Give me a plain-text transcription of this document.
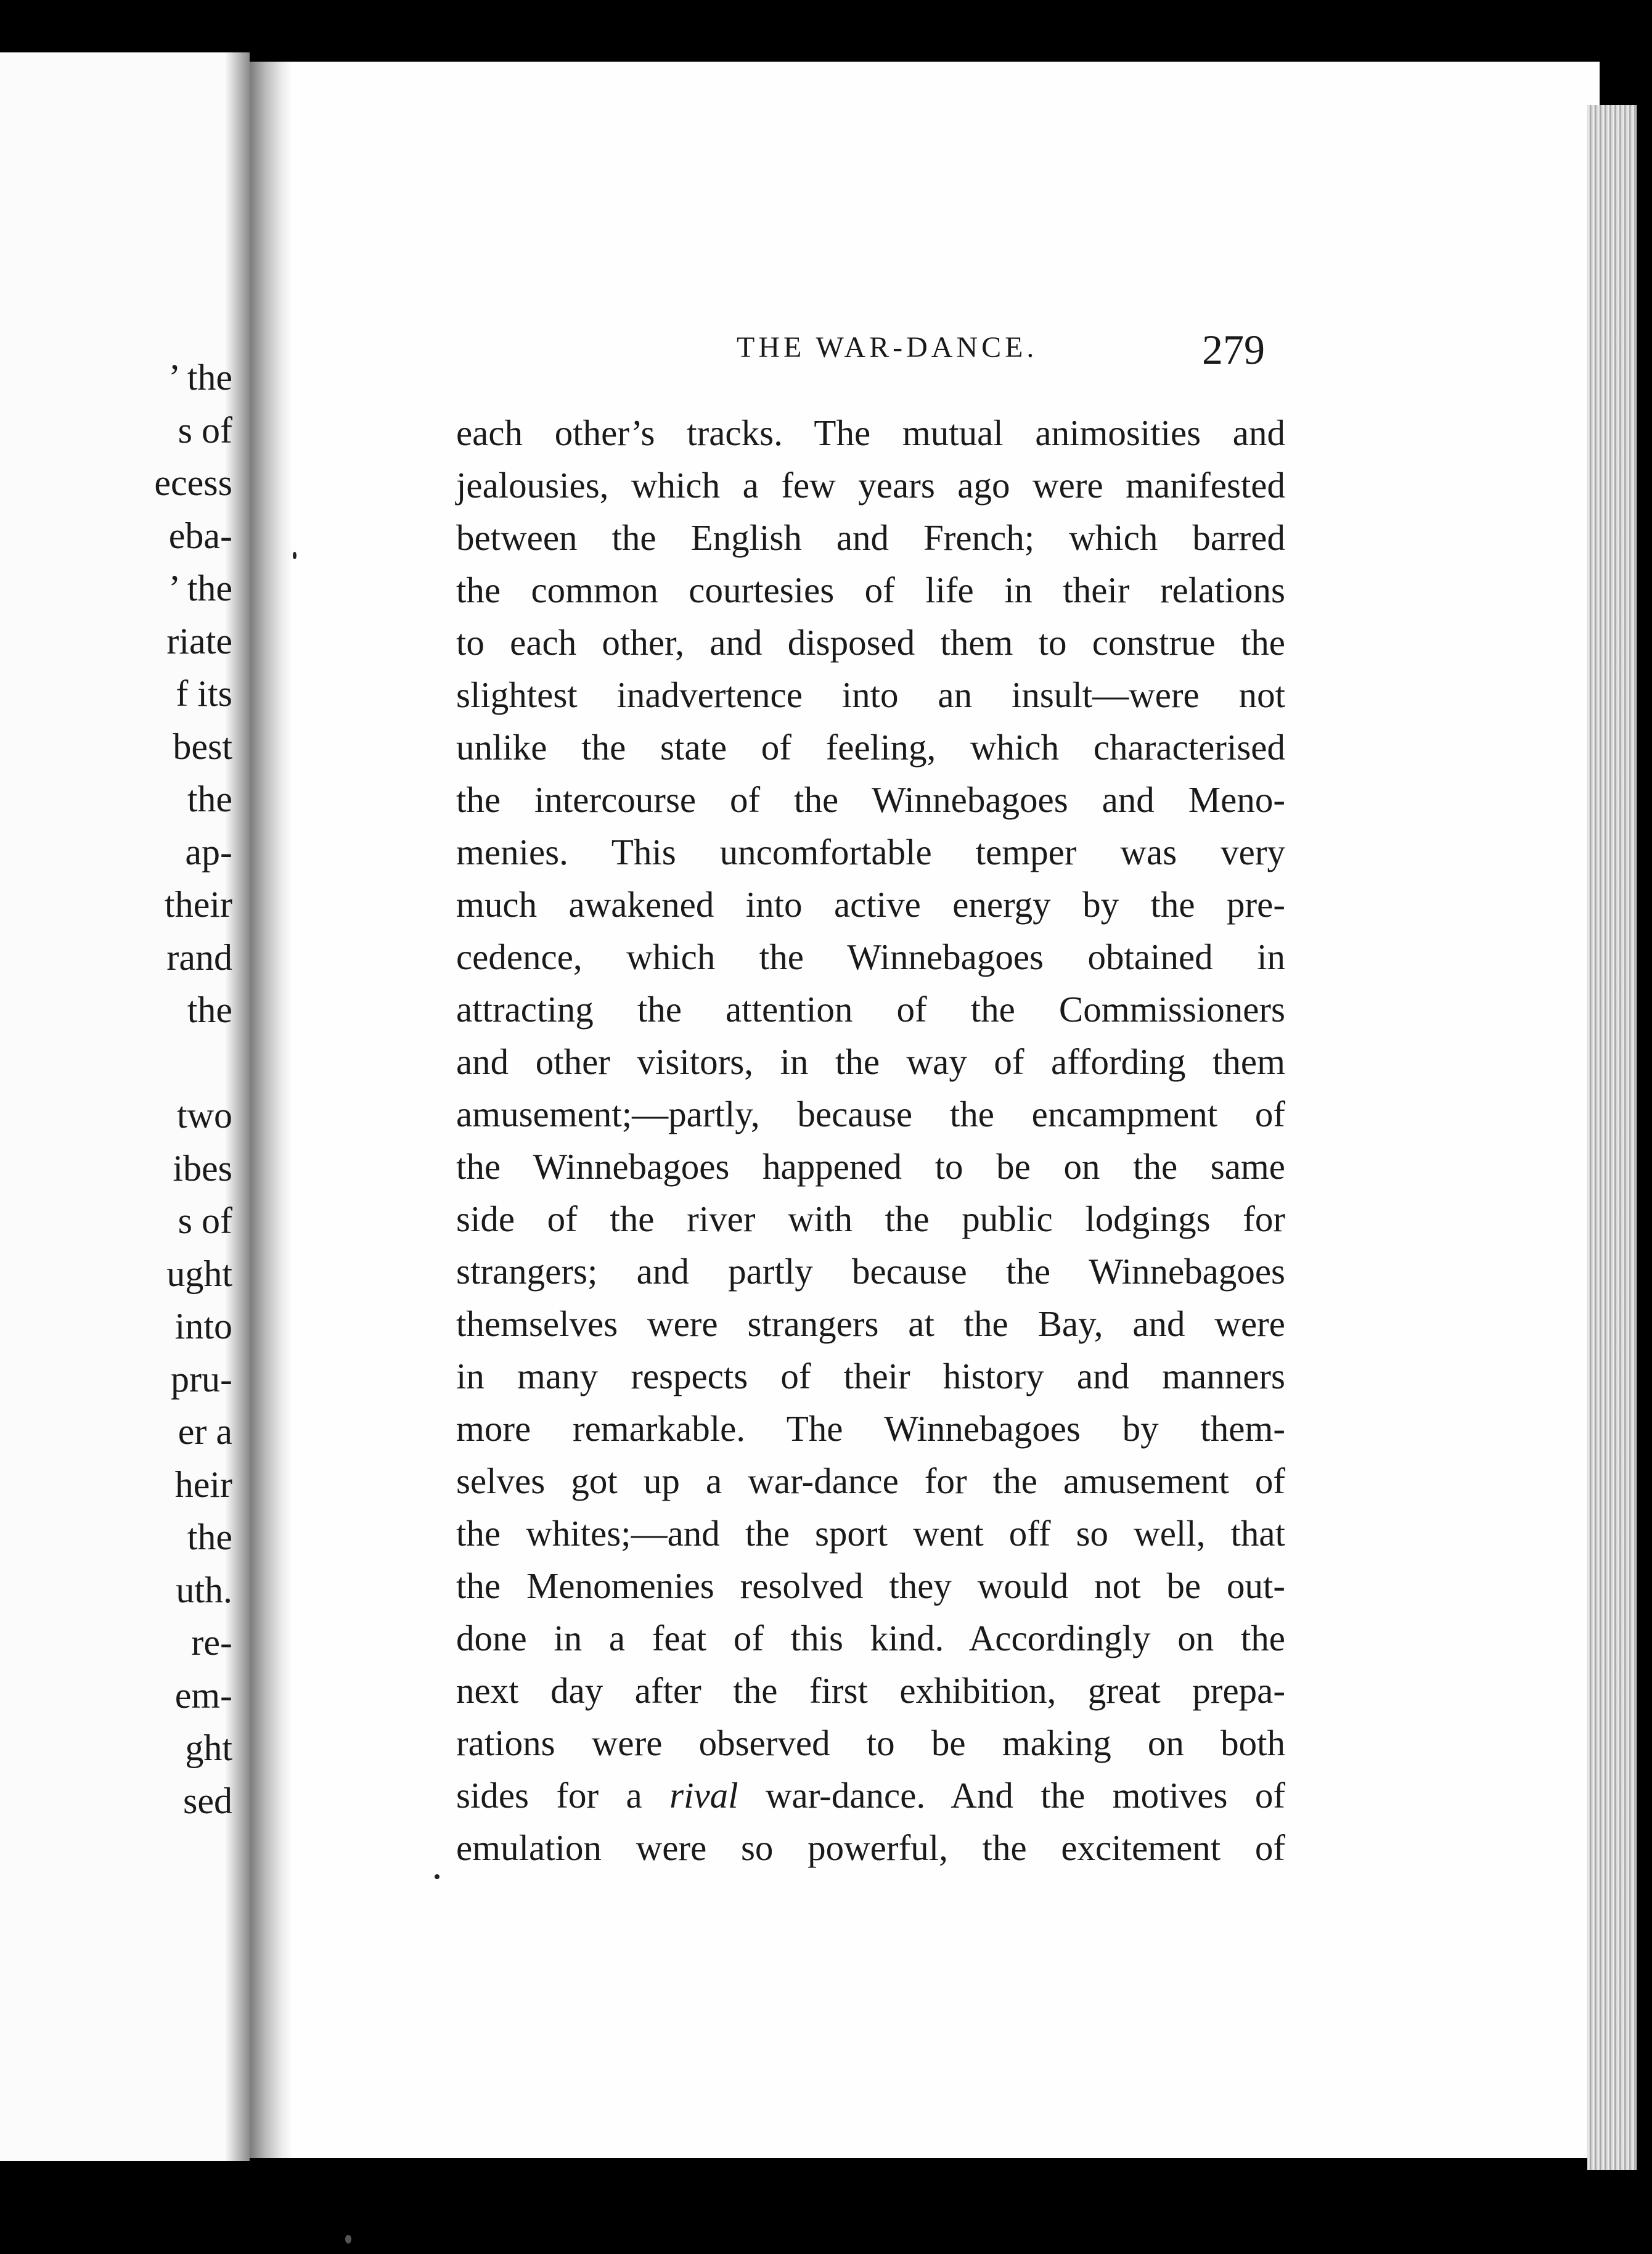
’ the
s of
ecess
eba-
’ the
riate
f its
best
the
ap-
their
rand
the
two
ibes
s of
ught
into
pru-
er a
heir
the
uth.
re-
em-
ght
sed
THE WAR-DANCE.	279
each other’s tracks. The mutual animosities and
jealousies, which a few years ago were manifested
between the English and French; which barred
the common courtesies of life in their relations
to each other, and disposed them to construe the
slightest inadvertence into an insult—were not
unlike the state of feeling, which characterised
the intercourse of the Winnebagoes and Meno-
menies. This uncomfortable temper was very
much awakened into active energy by the pre-
cedence, which the Winnebagoes obtained in
attracting the attention of the Commissioners
and other visitors, in the way of affording them
amusement;—partly, because the encampment of
the Winnebagoes happened to be on the same
side of the river with the public lodgings for
strangers; and partly because the Winnebagoes
themselves were strangers at the Bay, and were
in many respects of their history and manners
more remarkable. The Winnebagoes by them-
selves got up a war-dance for the amusement of
the whites;—and the sport went off so well, that
the Menomenies resolved they would not be out-
done in a feat of this kind. Accordingly on the
next day after the first exhibition, great prepa-
rations were observed to be making on both
sides for a rival war-dance. And the motives of
emulation were so powerful, the excitement of
